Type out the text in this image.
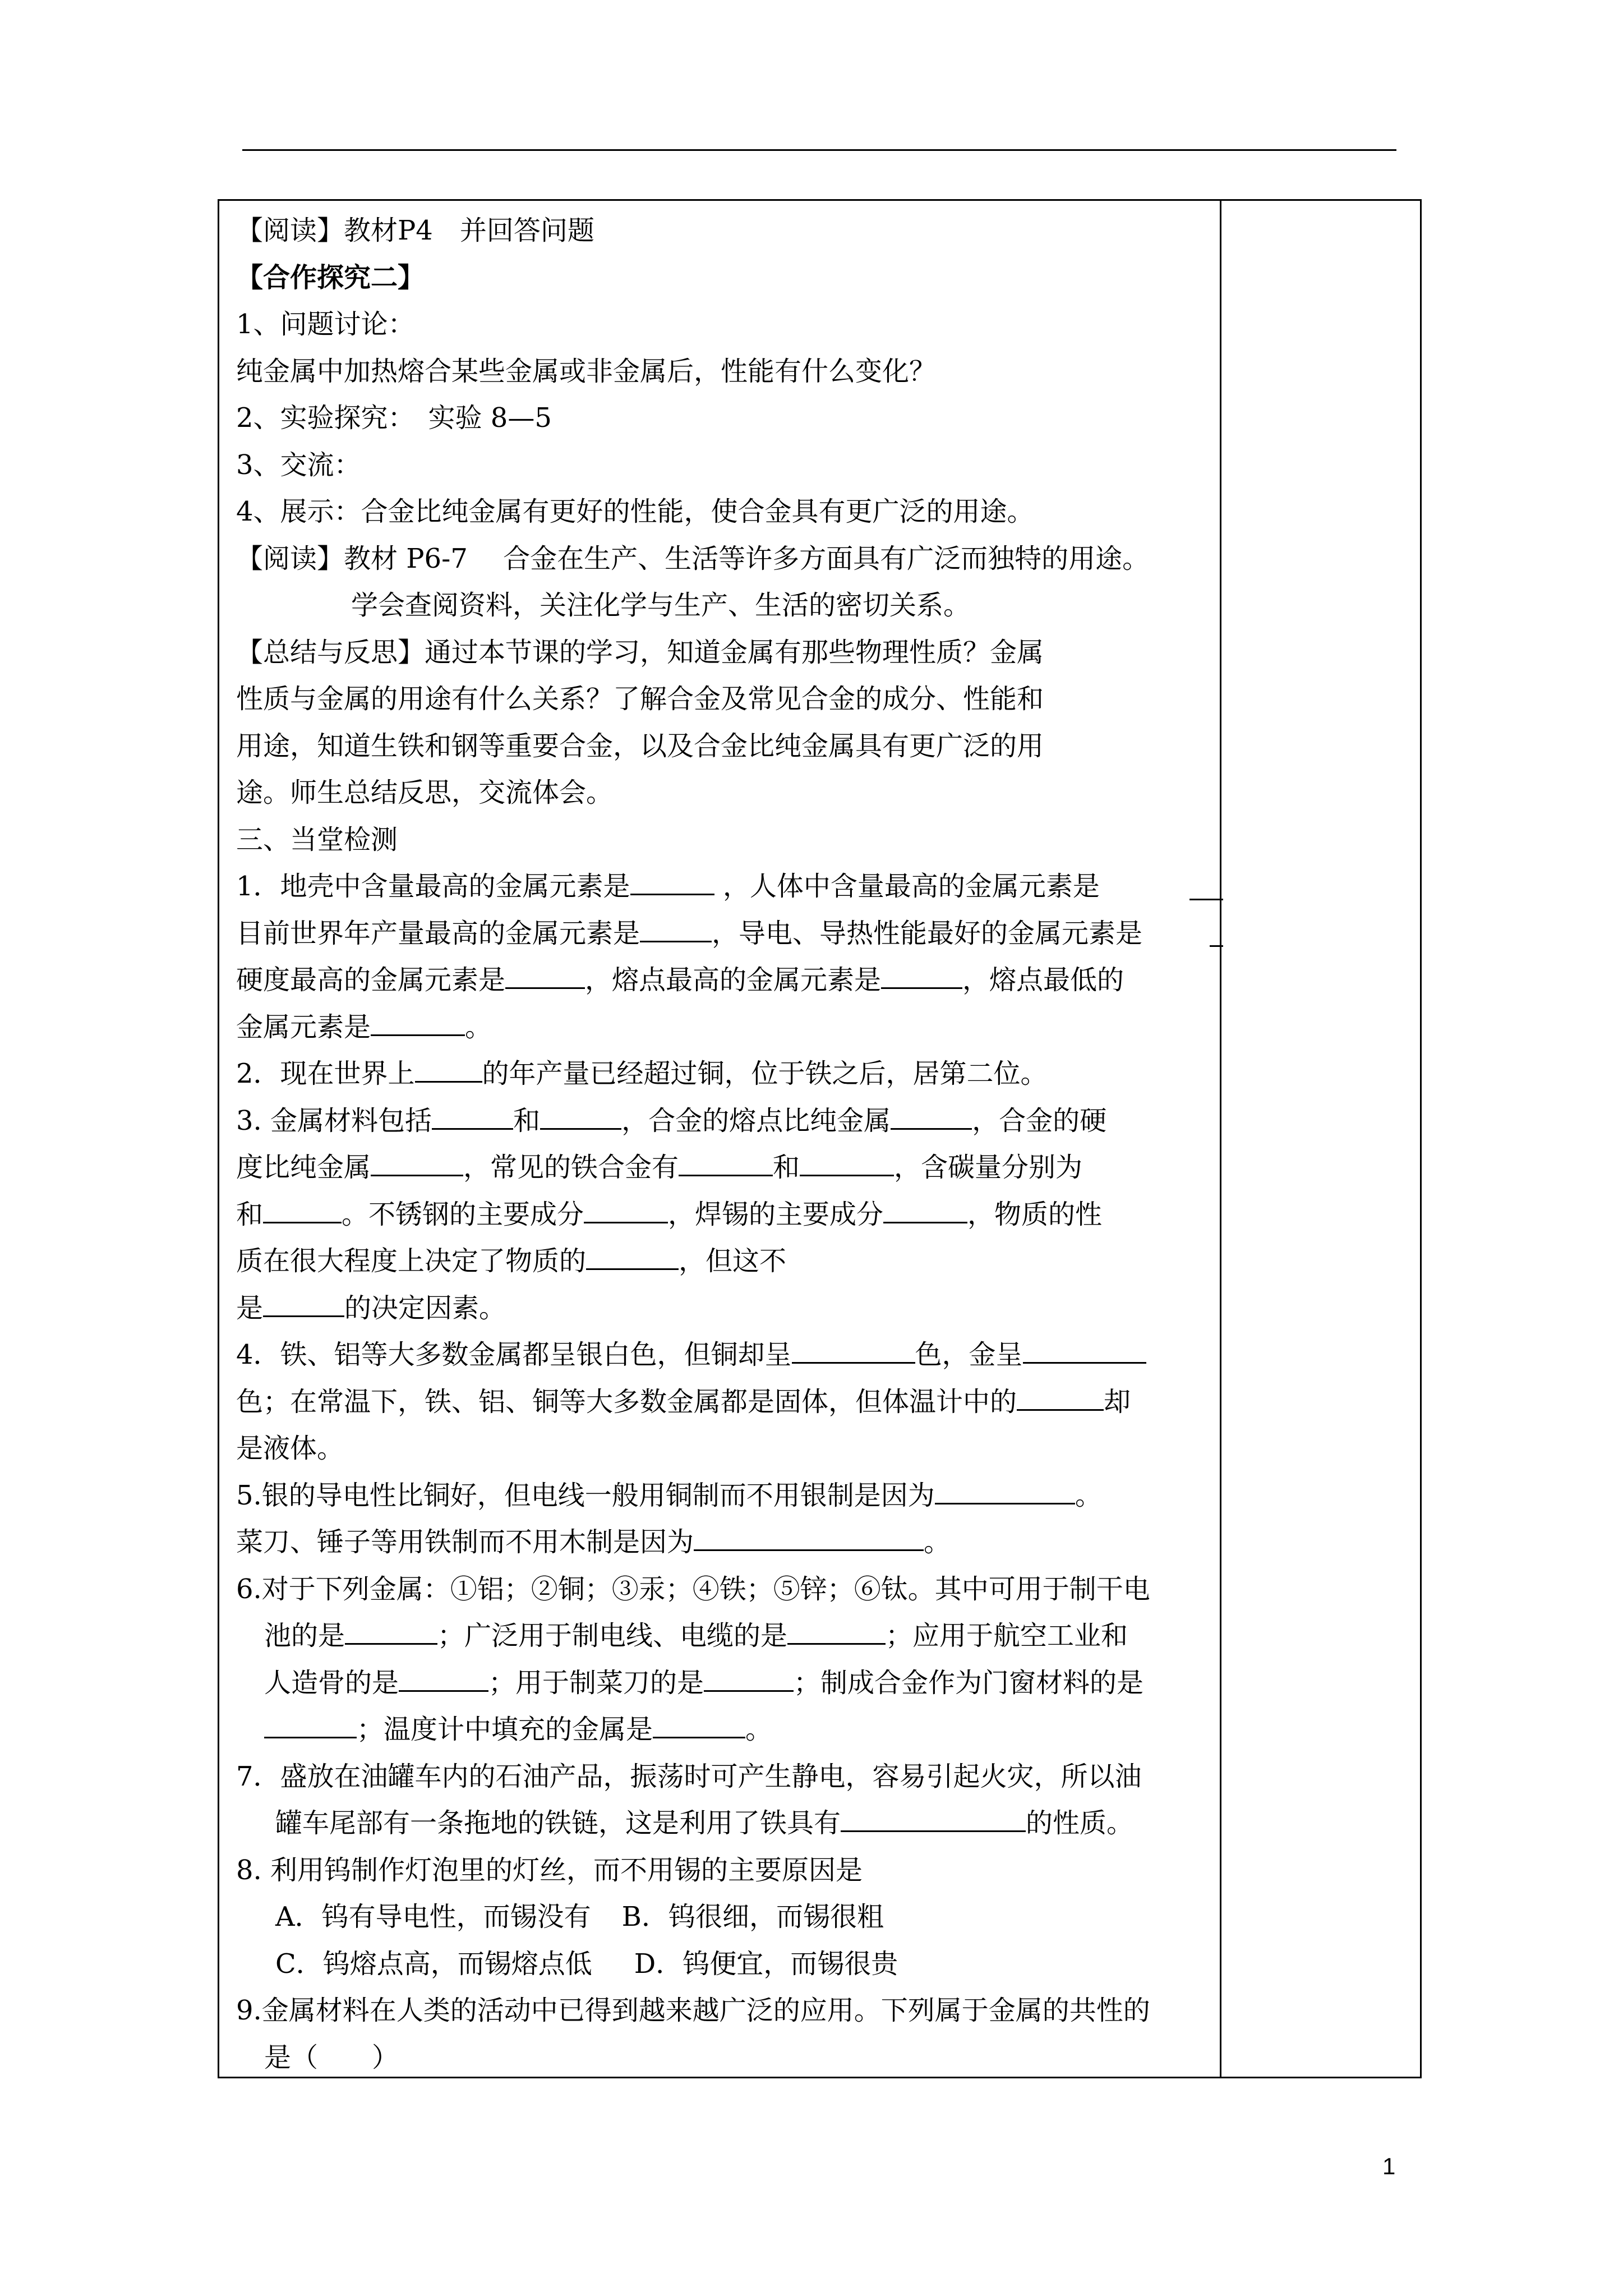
【阅读】教材P4　并回答问题
【合作探究二】
1、问题讨论：
纯金属中加热熔合某些金属或非金属后，性能有什么变化？
2、实验探究：　实验 8—5
3、交流：
4、展示：合金比纯金属有更好的性能，使合金具有更广泛的用途。
【阅读】教材 P6-7　 合金在生产、生活等许多方面具有广泛而独特的用途。
学会查阅资料，关注化学与生产、生活的密切关系。
【总结与反思】通过本节课的学习，知道金属有那些物理性质？金属
性质与金属的用途有什么关系？了解合金及常见合金的成分、性能和
用途，知道生铁和钢等重要合金，以及合金比纯金属具有更广泛的用
途。师生总结反思，交流体会。
三、当堂检测
1．地壳中含量最高的金属元素是	，人体中含量最高的金属元素是
目前世界年产量最高的金属元素是	，导电、导热性能最好的金属元素是
硬度最高的金属元素是	，熔点最高的金属元素是	，熔点最低的
金属元素是	。
2．现在世界上	的年产量已经超过铜，位于铁之后，居第二位。
3. 金属材料包括	和	，合金的熔点比纯金属	，合金的硬
度比纯金属	，常见的铁合金有	和	，含碳量分别为
和	。不锈钢的主要成分	，焊锡的主要成分	，物质的性
质在很大程度上决定了物质的	，但这不
是	的决定因素。
4．铁、铝等大多数金属都呈银白色，但铜却呈	色，金呈
色；在常温下，铁、铝、铜等大多数金属都是固体，但体温计中的	却
是液体。
5.银的导电性比铜好，但电线一般用铜制而不用银制是因为	。
菜刀、锤子等用铁制而不用木制是因为	。
6.对于下列金属：①铝；②铜；③汞；④铁；⑤锌；⑥钛。其中可用于制干电
池的是	；广泛用于制电线、电缆的是	；应用于航空工业和
人造骨的是	；用于制菜刀的是	；制成合金作为门窗材料的是
；温度计中填充的金属是	。
7．盛放在油罐车内的石油产品，振荡时可产生静电，容易引起火灾，所以油
罐车尾部有一条拖地的铁链，这是利用了铁具有	的性质。
8. 利用钨制作灯泡里的灯丝，而不用锡的主要原因是
A．钨有导电性，而锡没有 B．钨很细，而锡很粗
C．钨熔点高，而锡熔点低 D．钨便宜，而锡很贵
9.金属材料在人类的活动中已得到越来越广泛的应用。下列属于金属的共性的
是（　　）
1
